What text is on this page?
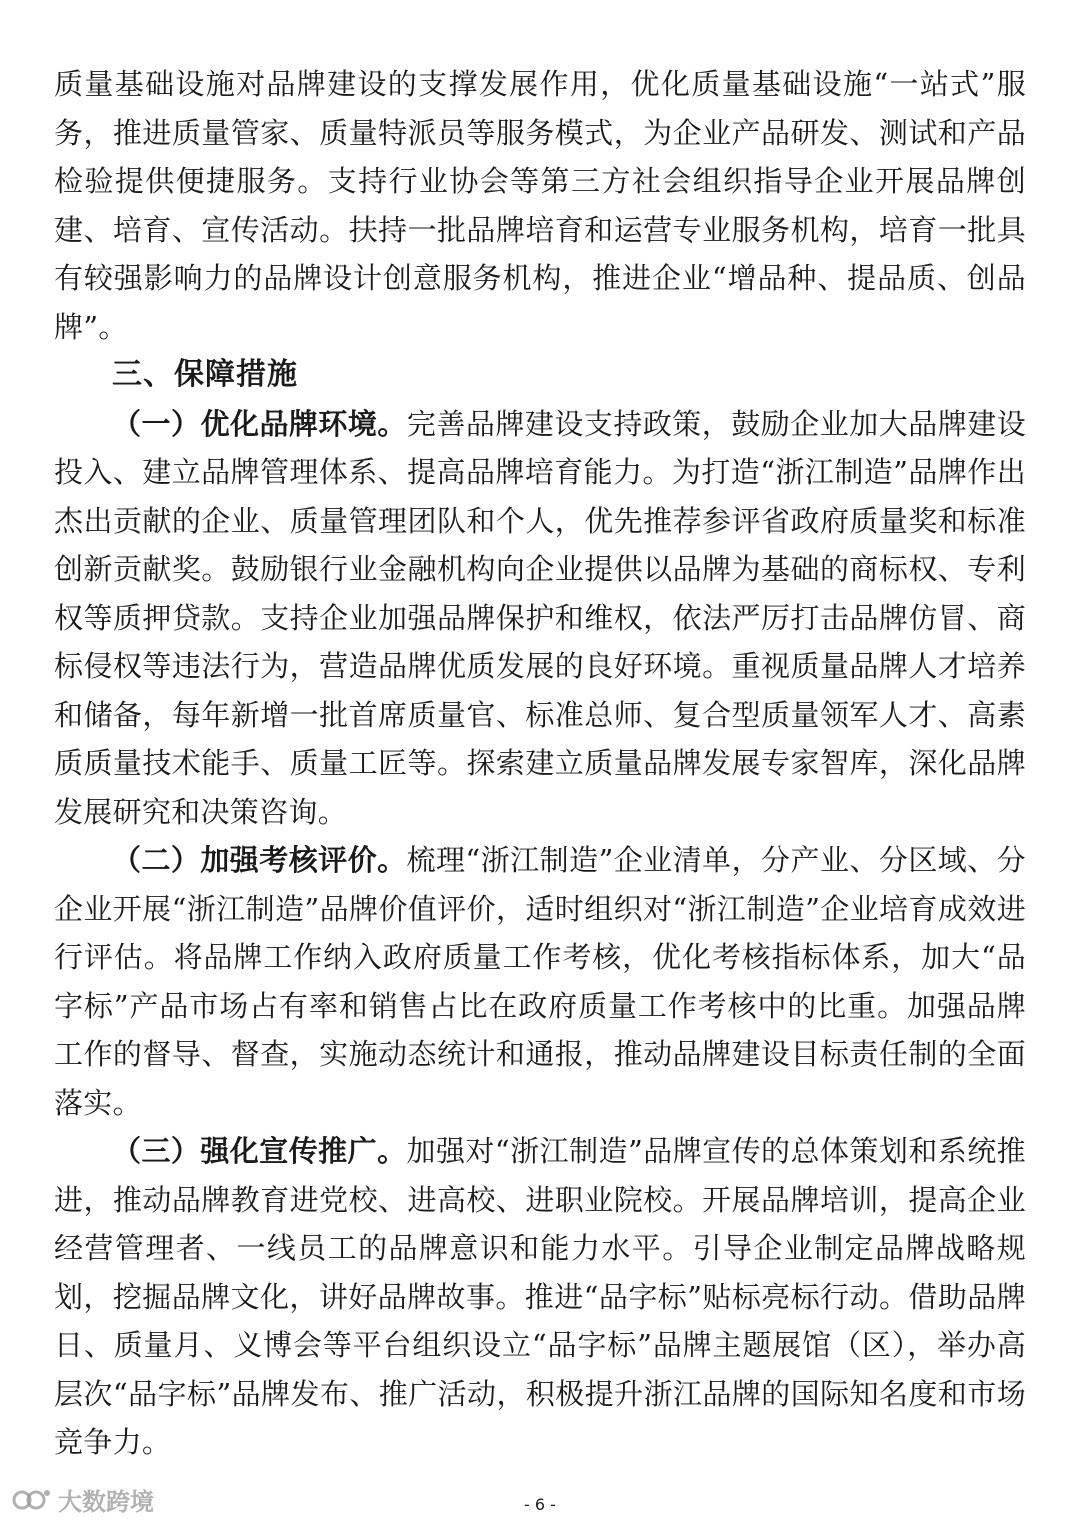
质量基础设施对品牌建设的支撑发展作用，优化质量基础设施“一站式”服务，推进质量管家、质量特派员等服务模式，为企业产品研发、测试和产品检验提供便捷服务。支持行业协会等第三方社会组织指导企业开展品牌创建、培育、宣传活动。扶持一批品牌培育和运营专业服务机构，培育一批具有较强影响力的品牌设计创意服务机构，推进企业“增品种、提品质、创品牌”。

三、保障措施

（一）优化品牌环境。完善品牌建设支持政策，鼓励企业加大品牌建设投入、建立品牌管理体系、提高品牌培育能力。为打造“浙江制造”品牌作出杰出贡献的企业、质量管理团队和个人，优先推荐参评省政府质量奖和标准创新贡献奖。鼓励银行业金融机构向企业提供以品牌为基础的商标权、专利权等质押贷款。支持企业加强品牌保护和维权，依法严厉打击品牌仿冒、商标侵权等违法行为，营造品牌优质发展的良好环境。重视质量品牌人才培养和储备，每年新增一批首席质量官、标准总师、复合型质量领军人才、高素质质量技术能手、质量工匠等。探索建立质量品牌发展专家智库，深化品牌发展研究和决策咨询。

（二）加强考核评价。梳理“浙江制造”企业清单，分产业、分区域、分企业开展“浙江制造”品牌价值评价，适时组织对“浙江制造”企业培育成效进行评估。将品牌工作纳入政府质量工作考核，优化考核指标体系，加大“品字标”产品市场占有率和销售占比在政府质量工作考核中的比重。加强品牌工作的督导、督查，实施动态统计和通报，推动品牌建设目标责任制的全面落实。

（三）强化宣传推广。加强对“浙江制造”品牌宣传的总体策划和系统推进，推动品牌教育进党校、进高校、进职业院校。开展品牌培训，提高企业经营管理者、一线员工的品牌意识和能力水平。引导企业制定品牌战略规划，挖掘品牌文化，讲好品牌故事。推进“品字标”贴标亮标行动。借助品牌日、质量月、义博会等平台组织设立“品字标”品牌主题展馆（区），举办高层次“品字标”品牌发布、推广活动，积极提升浙江品牌的国际知名度和市场竞争力。

大数跨境	- 6 -
